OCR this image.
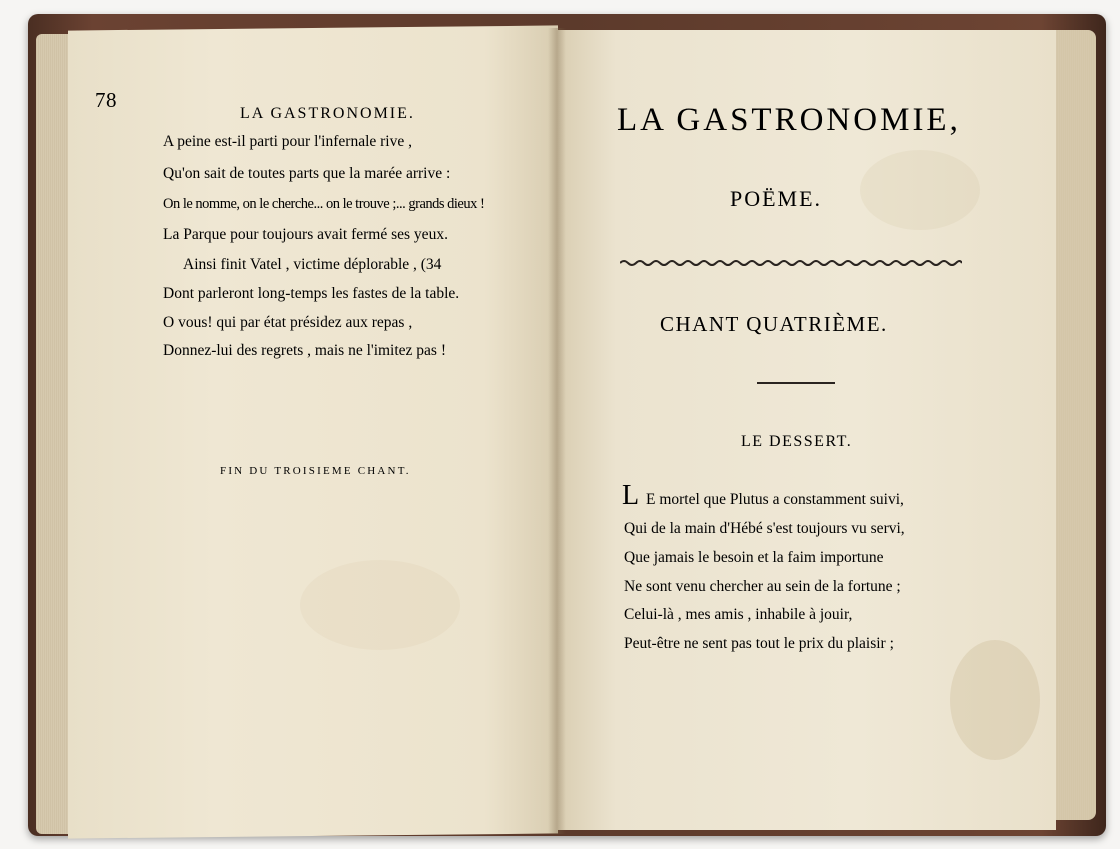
78
LA GASTRONOMIE.
A peine est-il parti pour l'infernale rive ,
Qu'on sait de toutes parts que la marée arrive :
On le nomme, on le cherche... on le trouve ;... grands dieux !
La Parque pour toujours avait fermé ses yeux.
Ainsi finit Vatel , victime déplorable , (34
Dont parleront long-temps les fastes de la table.
O vous! qui par état présidez aux repas ,
Donnez-lui des regrets , mais ne l'imitez pas !
FIN DU TROISIEME CHANT.
LA GASTRONOMIE,
POËME.
CHANT QUATRIÈME.
LE DESSERT.
L E mortel que Plutus a constamment suivi,
Qui de la main d'Hébé s'est toujours vu servi,
Que jamais le besoin et la faim importune
Ne sont venu chercher au sein de la fortune ;
Celui-là , mes amis , inhabile à jouir,
Peut-être ne sent pas tout le prix du plaisir ;
